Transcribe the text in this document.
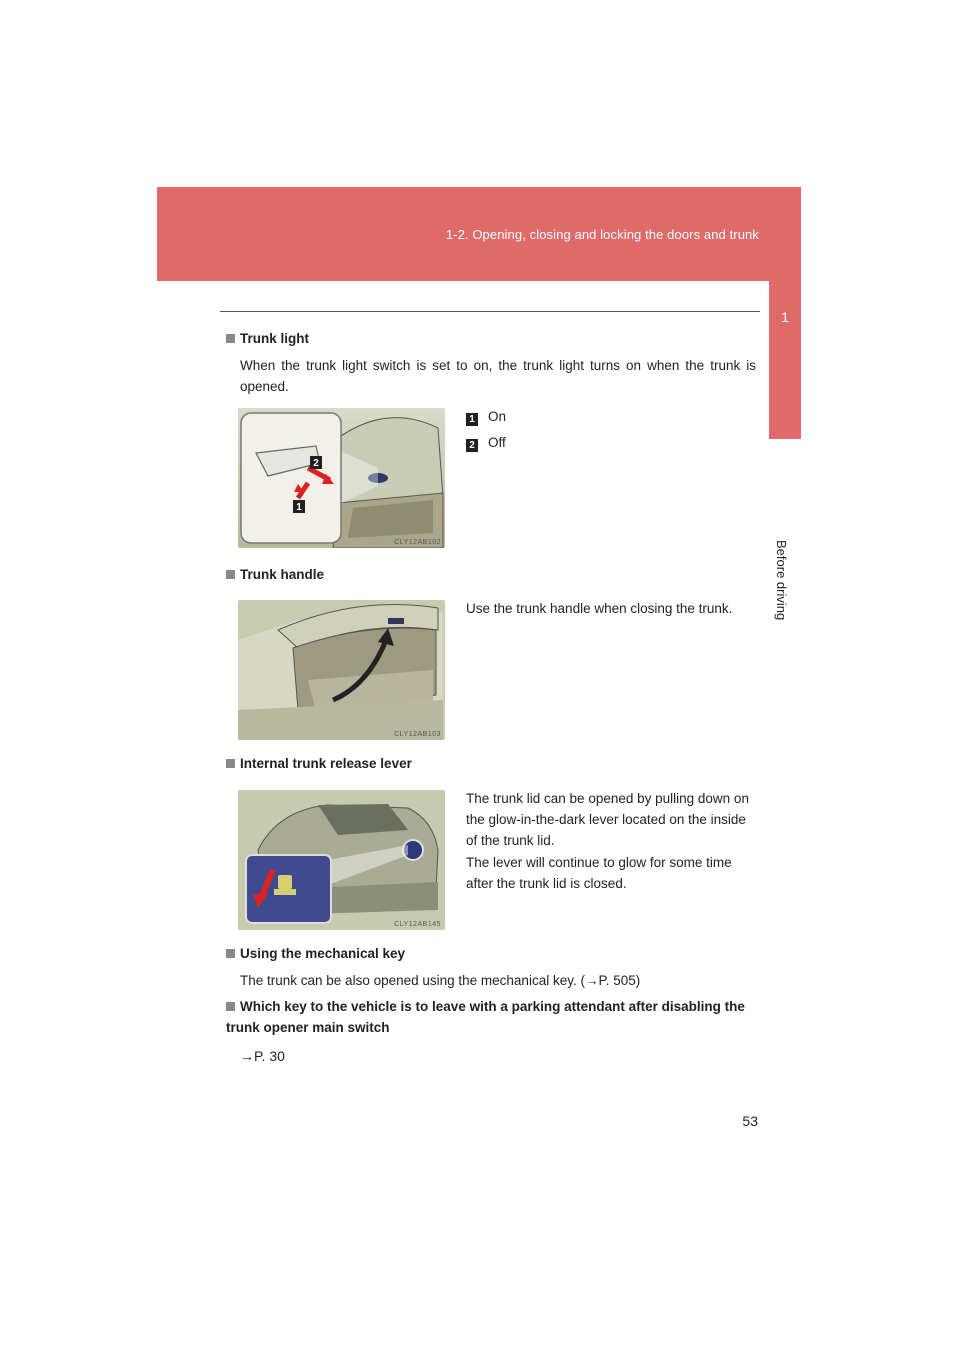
1-2. Opening, closing and locking the doors and trunk
1
Before driving
Trunk light
When the trunk light switch is set to on, the trunk light turns on when the trunk is opened.
2
1
CLY12AB102
1 On
2 Off
Trunk handle
CLY12AB103
Use the trunk handle when closing the trunk.
Internal trunk release lever
CLY12AB145
The trunk lid can be opened by pulling down on the glow-in-the-dark lever located on the inside of the trunk lid.
The lever will continue to glow for some time after the trunk lid is closed.
Using the mechanical key
The trunk can be also opened using the mechanical key. (→P. 505)
Which key to the vehicle is to leave with a parking attendant after disabling the trunk opener main switch
→P. 30
53
